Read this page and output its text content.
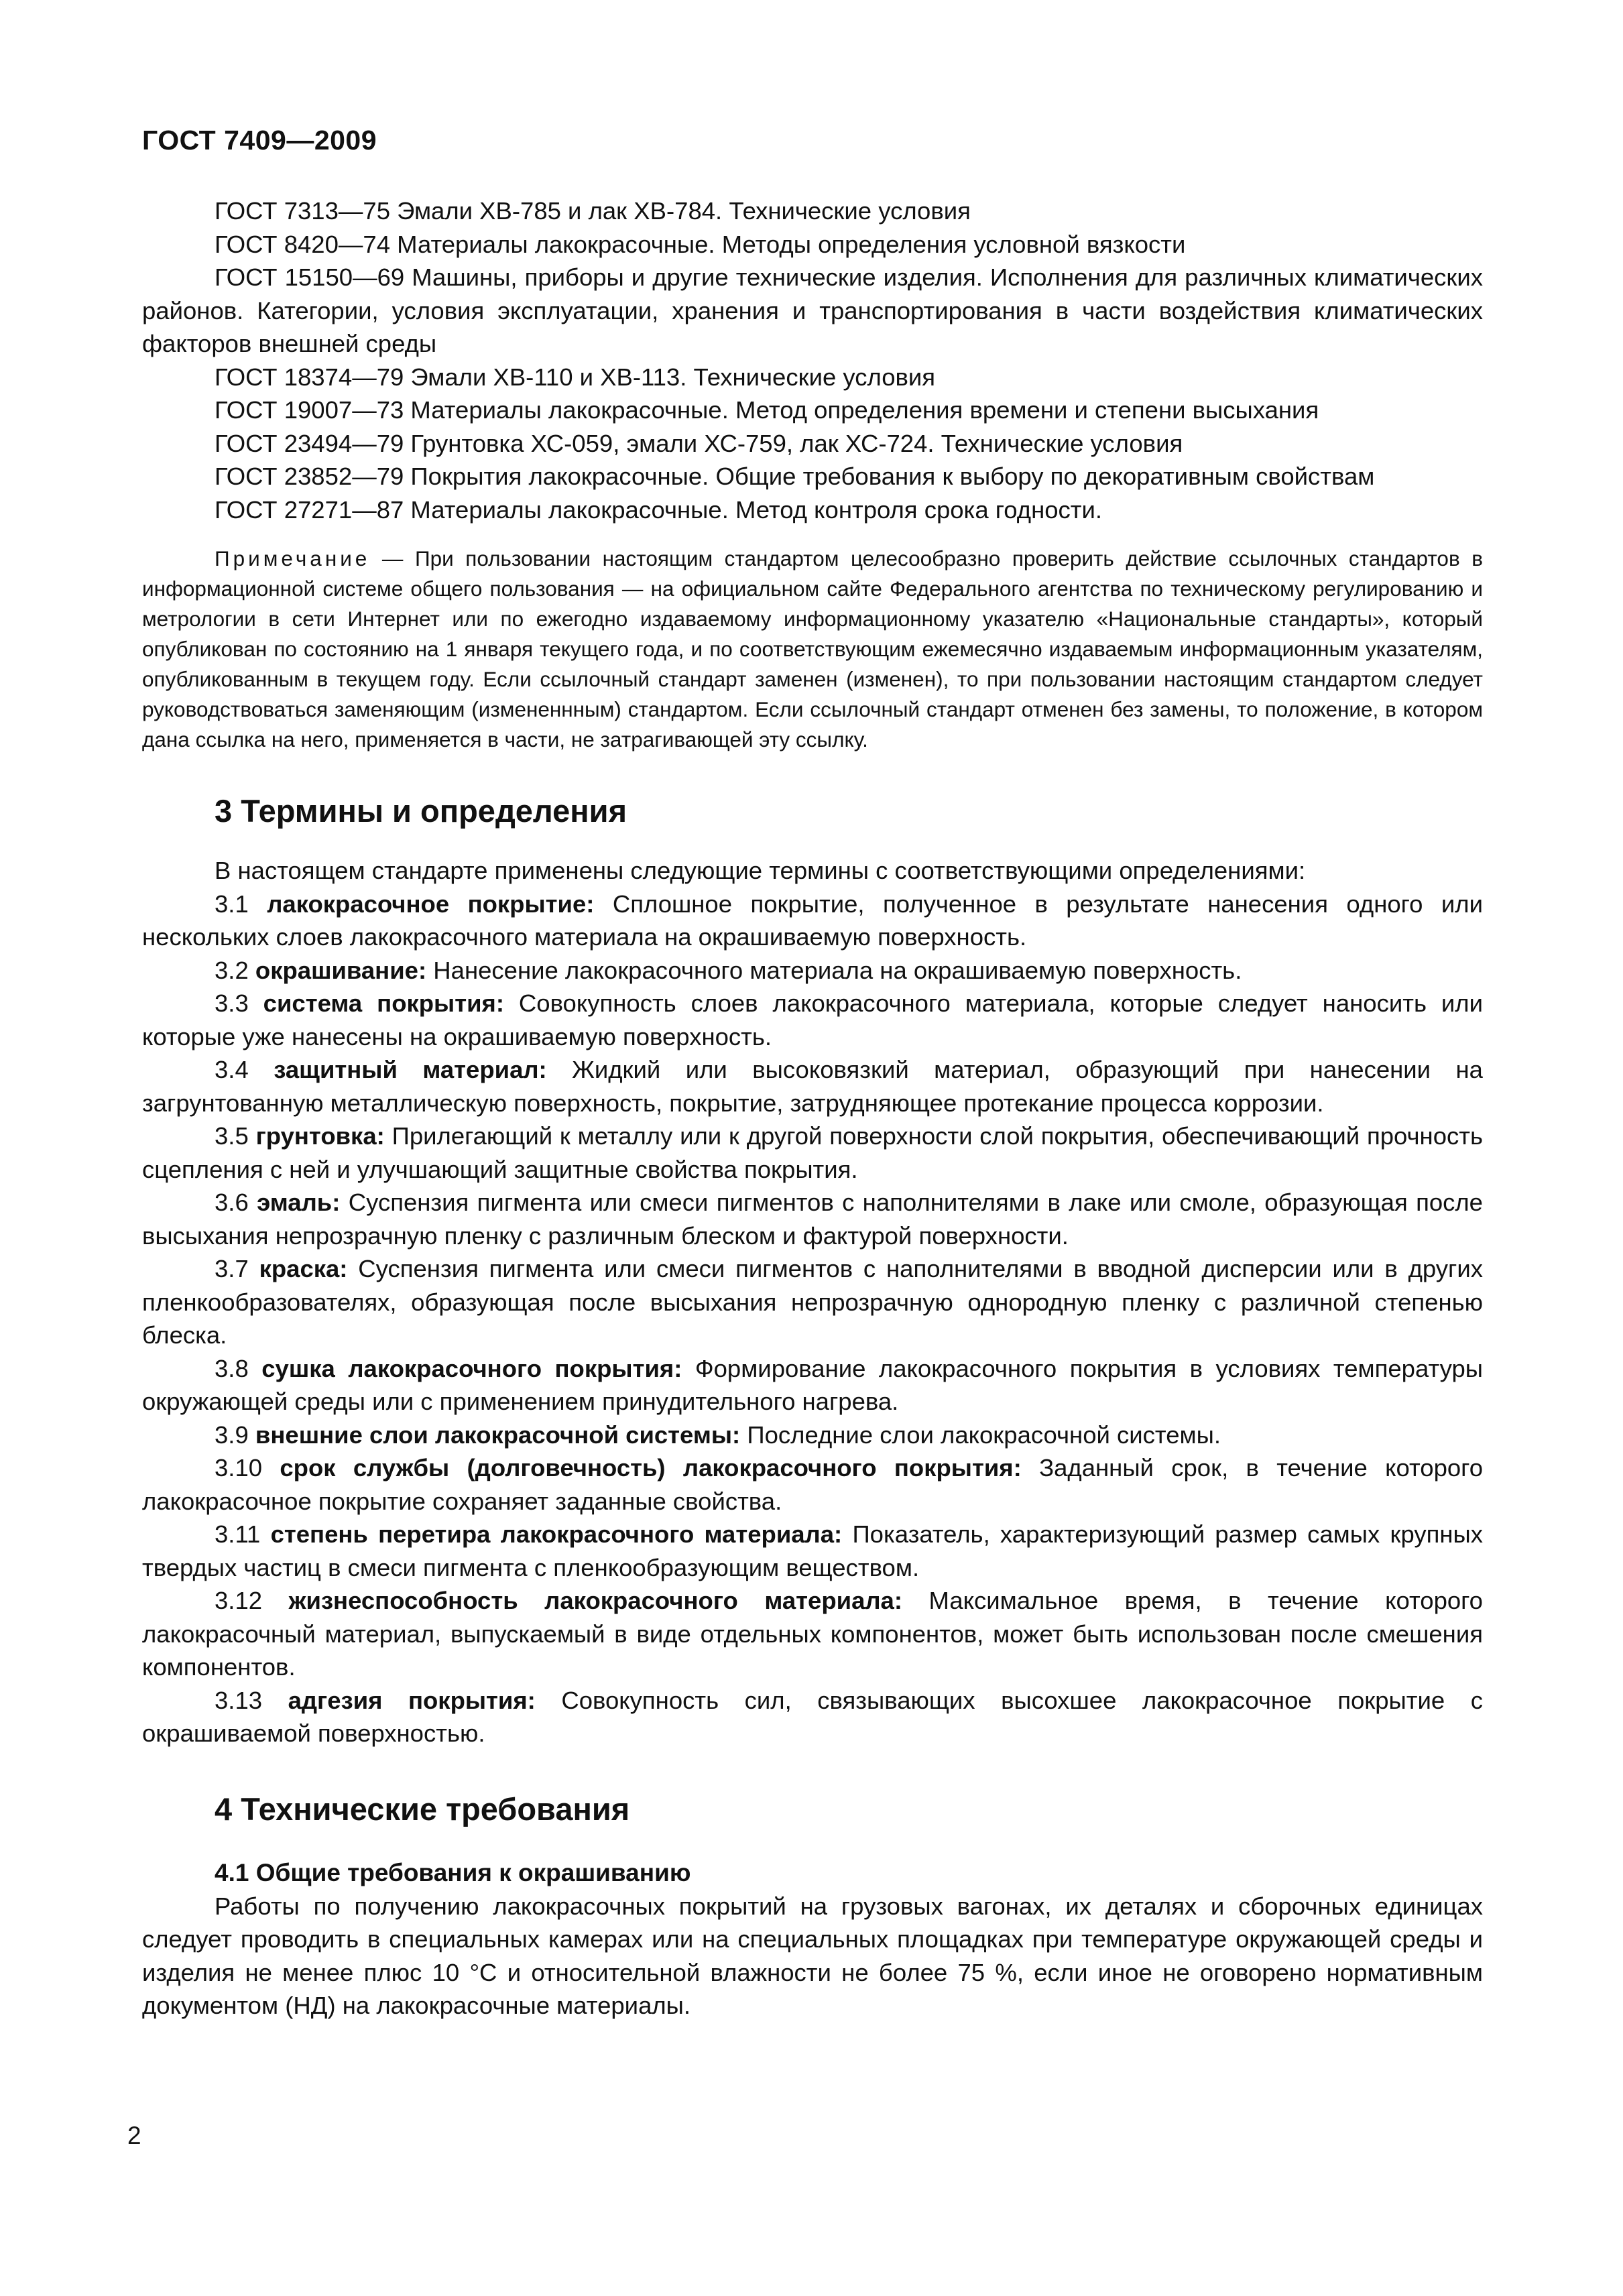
ГОСТ 7409—2009

ГОСТ 7313—75 Эмали ХВ-785 и лак ХВ-784. Технические условия

ГОСТ 8420—74 Материалы лакокрасочные. Методы определения условной вязкости

ГОСТ 15150—69 Машины, приборы и другие технические изделия. Исполнения для различных климатических районов. Категории, условия эксплуатации, хранения и транспортирования в части воздействия климатических факторов внешней среды

ГОСТ 18374—79 Эмали ХВ-110 и ХВ-113. Технические условия

ГОСТ 19007—73 Материалы лакокрасочные. Метод определения времени и степени высыхания

ГОСТ 23494—79 Грунтовка ХС-059, эмали ХС-759, лак ХС-724. Технические условия

ГОСТ 23852—79 Покрытия лакокрасочные. Общие требования к выбору по декоративным свойствам

ГОСТ 27271—87 Материалы лакокрасочные. Метод контроля срока годности.

Примечание — При пользовании настоящим стандартом целесообразно проверить действие ссылочных стандартов в информационной системе общего пользования — на официальном сайте Федерального агентства по техническому регулированию и метрологии в сети Интернет или по ежегодно издаваемому информационному указателю «Национальные стандарты», который опубликован по состоянию на 1 января текущего года, и по соответствующим ежемесячно издаваемым информационным указателям, опубликованным в текущем году. Если ссылочный стандарт заменен (изменен), то при пользовании настоящим стандартом следует руководствоваться заменяющим (измененнным) стандартом. Если ссылочный стандарт отменен без замены, то положение, в котором дана ссылка на него, применяется в части, не затрагивающей эту ссылку.

3 Термины и определения

В настоящем стандарте применены следующие термины с соответствующими определениями:

3.1 лакокрасочное покрытие: Сплошное покрытие, полученное в результате нанесения одного или нескольких слоев лакокрасочного материала на окрашиваемую поверхность.

3.2 окрашивание: Нанесение лакокрасочного материала на окрашиваемую поверхность.

3.3 система покрытия: Совокупность слоев лакокрасочного материала, которые следует наносить или которые уже нанесены на окрашиваемую поверхность.

3.4 защитный материал: Жидкий или высоковязкий материал, образующий при нанесении на загрунтованную металлическую поверхность, покрытие, затрудняющее протекание процесса коррозии.

3.5 грунтовка: Прилегающий к металлу или к другой поверхности слой покрытия, обеспечивающий прочность сцепления с ней и улучшающий защитные свойства покрытия.

3.6 эмаль: Суспензия пигмента или смеси пигментов с наполнителями в лаке или смоле, образующая после высыхания непрозрачную пленку с различным блеском и фактурой поверхности.

3.7 краска: Суспензия пигмента или смеси пигментов с наполнителями в вводной дисперсии или в других пленкообразователях, образующая после высыхания непрозрачную однородную пленку с различной степенью блеска.

3.8 сушка лакокрасочного покрытия: Формирование лакокрасочного покрытия в условиях температуры окружающей среды или с применением принудительного нагрева.

3.9 внешние слои лакокрасочной системы: Последние слои лакокрасочной системы.

3.10 срок службы (долговечность) лакокрасочного покрытия: Заданный срок, в течение которого лакокрасочное покрытие сохраняет заданные свойства.

3.11 степень перетира лакокрасочного материала: Показатель, характеризующий размер самых крупных твердых частиц в смеси пигмента с пленкообразующим веществом.

3.12 жизнеспособность лакокрасочного материала: Максимальное время, в течение которого лакокрасочный материал, выпускаемый в виде отдельных компонентов, может быть использован после смешения компонентов.

3.13 адгезия покрытия: Совокупность сил, связывающих высохшее лакокрасочное покрытие с окрашиваемой поверхностью.

4 Технические требования
4.1 Общие требования к окрашиванию

Работы по получению лакокрасочных покрытий на грузовых вагонах, их деталях и сборочных единицах следует проводить в специальных камерах или на специальных площадках при температуре окружающей среды и изделия не менее плюс 10 °С и относительной влажности не более 75 %, если иное не оговорено нормативным документом (НД) на лакокрасочные материалы.

2
